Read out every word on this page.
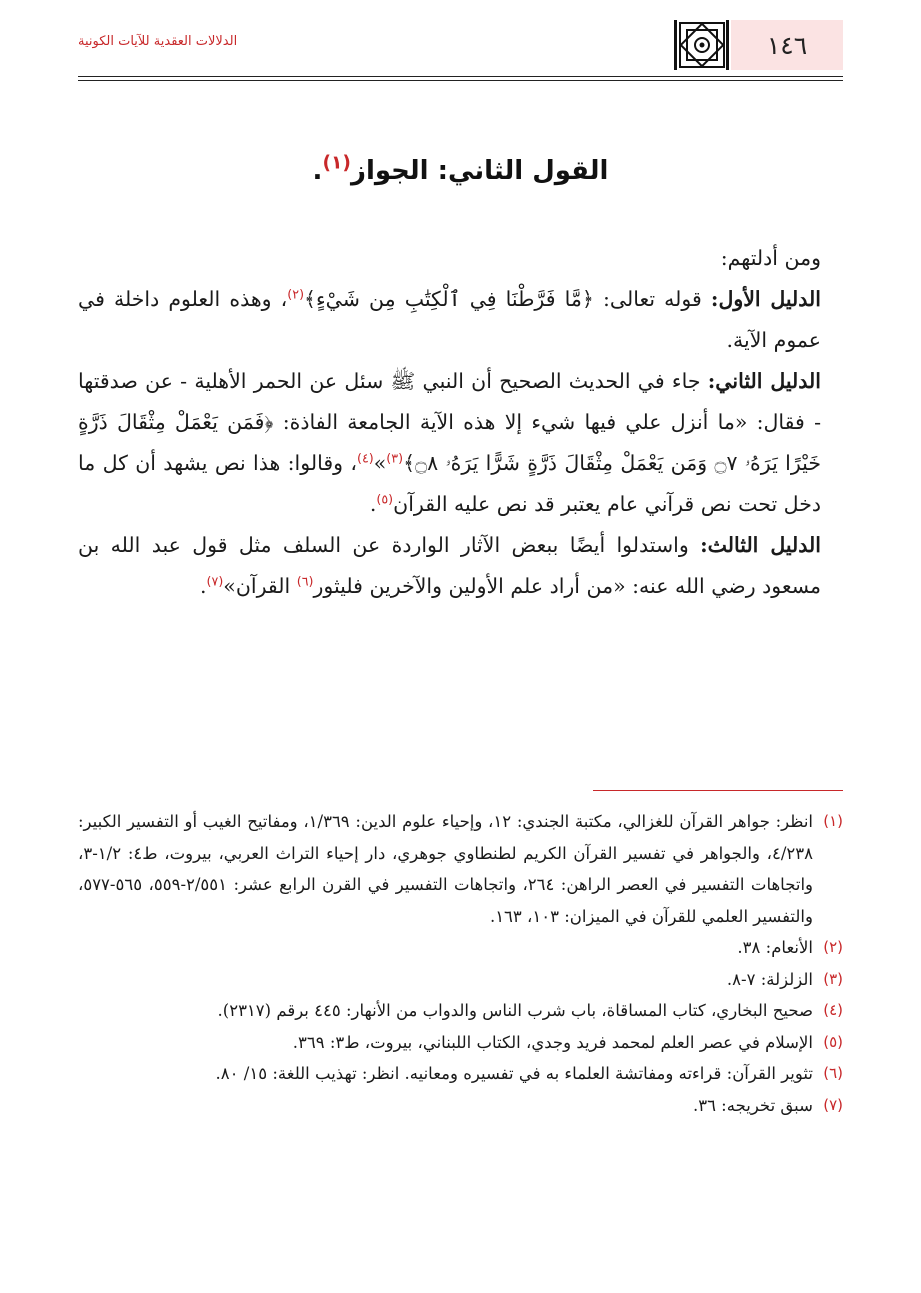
١٤٦
الدلالات العقدية للآيات الكونية
القول الثاني: الجواز$^{(١)}$.

ومن أدلتهم:

الدليل الأول: قوله تعالى: ﴿مَّا فَرَّطْنَا فِي ٱلْكِتَٰبِ مِن شَيْءٍ﴾$^{(٢)}$، وهذه العلوم داخلة في عموم الآية.

الدليل الثاني: جاء في الحديث الصحيح أن النبي ﷺ سئل عن الحمر الأهلية - عن صدقتها - فقال: «ما أنزل علي فيها شيء إلا هذه الآية الجامعة الفاذة: ﴿فَمَن يَعْمَلْ مِثْقَالَ ذَرَّةٍ خَيْرًا يَرَهُۥ ۝٧ وَمَن يَعْمَلْ مِثْقَالَ ذَرَّةٍ شَرًّا يَرَهُۥ ۝٨﴾$^{(٣)}$»$^{(٤)}$، وقالوا: هذا نص يشهد أن كل ما دخل تحت نص قرآني عام يعتبر قد نص عليه القرآن$^{(٥)}$.

الدليل الثالث: واستدلوا أيضًا ببعض الآثار الواردة عن السلف مثل قول عبد الله بن مسعود رضي الله عنه: «من أراد علم الأولين والآخرين فليثور$^{(٦)}$ القرآن»$^{(٧)}$.

(١)
انظر: جواهر القرآن للغزالي، مكتبة الجندي: ١٢، وإحياء علوم الدين: ١/٣٦٩، ومفاتيح الغيب أو التفسير الكبير: ٤/٢٣٨، والجواهر في تفسير القرآن الكريم لطنطاوي جوهري، دار إحياء التراث العربي، بيروت، ط٤: ١/٢-٣، واتجاهات التفسير في العصر الراهن: ٢٦٤، واتجاهات التفسير في القرن الرابع عشر: ٢/٥٥١-٥٥٩، ٥٦٥-٥٧٧، والتفسير العلمي للقرآن في الميزان: ١٠٣، ١٦٣.
(٢)
الأنعام: ٣٨.
(٣)
الزلزلة: ٧-٨.
(٤)
صحيح البخاري، كتاب المساقاة، باب شرب الناس والدواب من الأنهار: ٤٤٥ برقم (٢٣١٧).
(٥)
الإسلام في عصر العلم لمحمد فريد وجدي، الكتاب اللبناني، بيروت، ط٣: ٣٦٩.
(٦)
تثوير القرآن: قراءته ومفاتشة العلماء به في تفسيره ومعانيه. انظر: تهذيب اللغة: ١٥/ ٨٠.
(٧)
سبق تخريجه: ٣٦.
